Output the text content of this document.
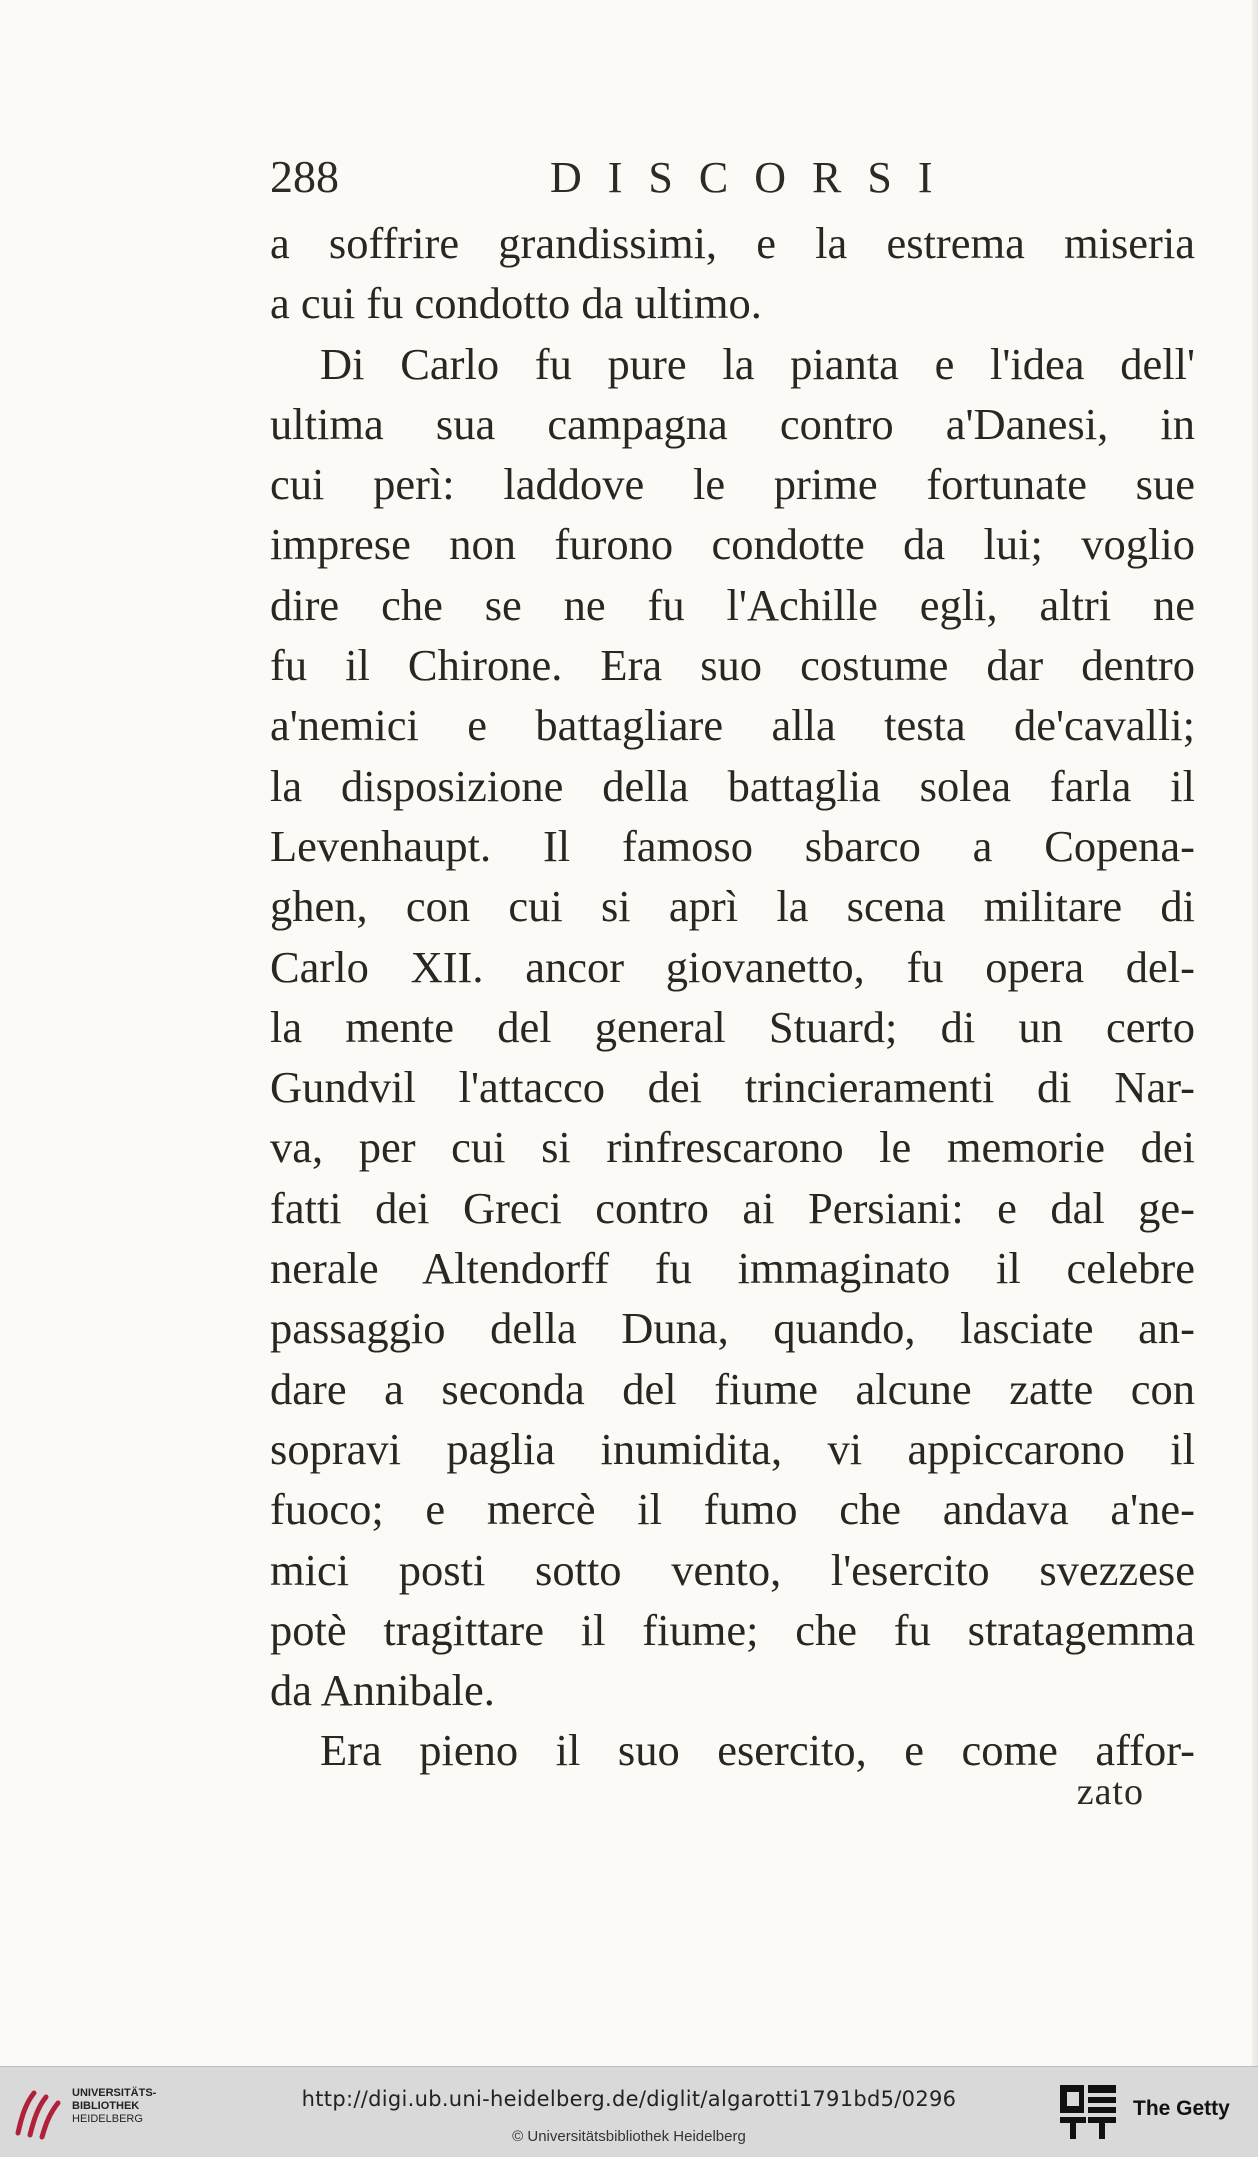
288	DISCORSI
a soffrire grandissimi, e la estrema miseria
a cui fu condotto da ultimo.
Di Carlo fu pure la pianta e l'idea dell'
ultima sua campagna contro a'Danesi, in
cui perì: laddove le prime fortunate sue
imprese non furono condotte da lui; voglio
dire che se ne fu l'Achille egli, altri ne
fu il Chirone. Era suo costume dar dentro
a'nemici e battagliare alla testa de'cavalli;
la disposizione della battaglia solea farla il
Levenhaupt. Il famoso sbarco a Copena-
ghen, con cui si aprì la scena militare di
Carlo XII. ancor giovanetto, fu opera del-
la mente del general Stuard; di un certo
Gundvil l'attacco dei trincieramenti di Nar-
va, per cui si rinfrescarono le memorie dei
fatti dei Greci contro ai Persiani: e dal ge-
nerale Altendorff fu immaginato il celebre
passaggio della Duna, quando, lasciate an-
dare a seconda del fiume alcune zatte con
sopravi paglia inumidita, vi appiccarono il
fuoco; e mercè il fumo che andava a'ne-
mici posti sotto vento, l'esercito svezzese
potè tragittare il fiume; che fu stratagemma
da Annibale.
Era pieno il suo esercito, e come affor-
zato
UNIVERSITÄTS-
BIBLIOTHEK
HEIDELBERG
http://digi.ub.uni-heidelberg.de/diglit/algarotti1791bd5/0296
© Universitätsbibliothek Heidelberg
The Getty
